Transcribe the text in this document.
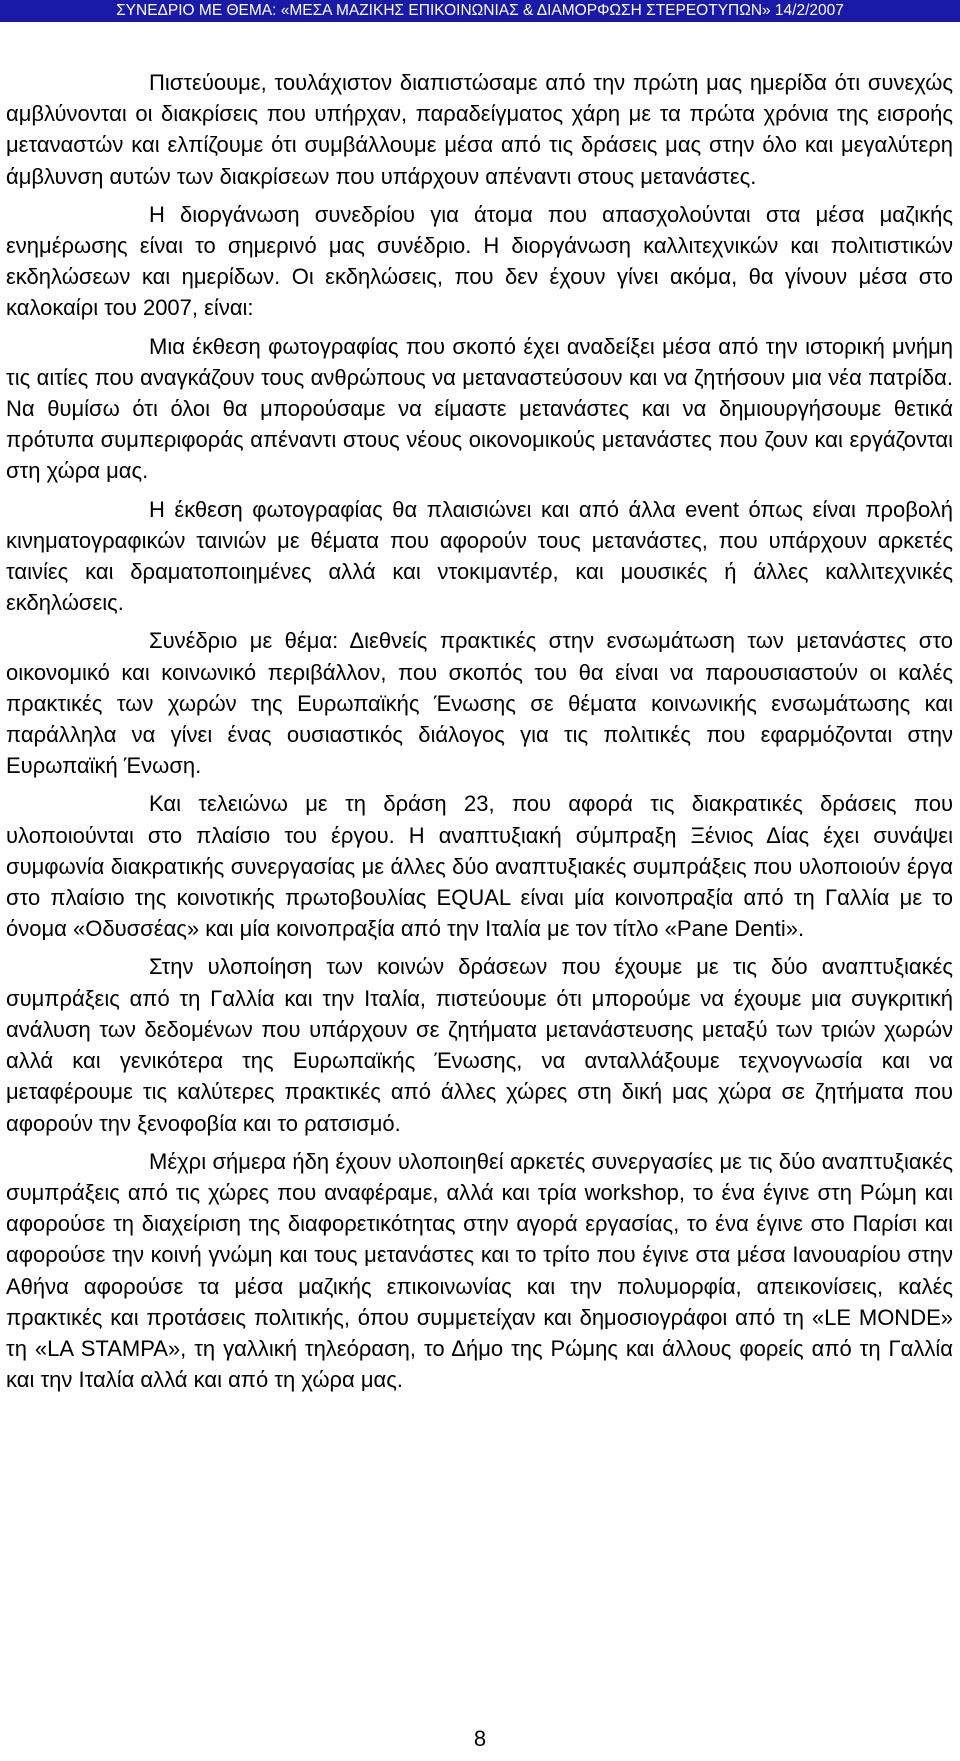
ΣΥΝΕΔΡΙΟ ΜΕ ΘΕΜΑ: «ΜΕΣΑ ΜΑΖΙΚΗΣ ΕΠΙΚΟΙΝΩΝΙΑΣ & ΔΙΑΜΟΡΦΩΣΗ ΣΤΕΡΕΟΤΥΠΩΝ» 14/2/2007

Πιστεύουμε, τουλάχιστον διαπιστώσαμε από την πρώτη μας ημερίδα ότι συνεχώς αμβλύνονται οι διακρίσεις που υπήρχαν, παραδείγματος χάρη με τα πρώτα χρόνια της εισροής μεταναστών και ελπίζουμε ότι συμβάλλουμε μέσα από τις δράσεις μας στην όλο και μεγαλύτερη άμβλυνση αυτών των διακρίσεων που υπάρχουν απέναντι στους μετανάστες.

Η διοργάνωση συνεδρίου για άτομα που απασχολούνται στα μέσα μαζικής ενημέρωσης είναι το σημερινό μας συνέδριο. Η διοργάνωση καλλιτεχνικών και πολιτιστικών εκδηλώσεων και ημερίδων. Οι εκδηλώσεις, που δεν έχουν γίνει ακόμα, θα γίνουν μέσα στο καλοκαίρι του 2007, είναι:

Μια έκθεση φωτογραφίας που σκοπό έχει αναδείξει μέσα από την ιστορική μνήμη τις αιτίες που αναγκάζουν τους ανθρώπους να μεταναστεύσουν και να ζητήσουν μια νέα πατρίδα. Να θυμίσω ότι όλοι θα μπορούσαμε να είμαστε μετανάστες και να δημιουργήσουμε θετικά πρότυπα συμπεριφοράς απέναντι στους νέους οικονομικούς μετανάστες που ζουν και εργάζονται στη χώρα μας.

Η έκθεση φωτογραφίας θα πλαισιώνει και από άλλα event όπως είναι προβολή κινηματογραφικών ταινιών με θέματα που αφορούν τους μετανάστες, που υπάρχουν αρκετές ταινίες και δραματοποιημένες αλλά και ντοκιμαντέρ, και μουσικές ή άλλες καλλιτεχνικές εκδηλώσεις.

Συνέδριο με θέμα: Διεθνείς πρακτικές στην ενσωμάτωση των μετανάστες στο οικονομικό και κοινωνικό περιβάλλον, που σκοπός του θα είναι να παρουσιαστούν οι καλές πρακτικές των χωρών της Ευρωπαϊκής Ένωσης σε θέματα κοινωνικής ενσωμάτωσης και παράλληλα να γίνει ένας ουσιαστικός διάλογος για τις πολιτικές που εφαρμόζονται στην Ευρωπαϊκή Ένωση.

Και τελειώνω με τη δράση 23, που αφορά τις διακρατικές δράσεις που υλοποιούνται στο πλαίσιο του έργου. Η αναπτυξιακή σύμπραξη Ξένιος Δίας έχει συνάψει συμφωνία διακρατικής συνεργασίας με άλλες δύο αναπτυξιακές συμπράξεις που υλοποιούν έργα στο πλαίσιο της κοινοτικής πρωτοβουλίας EQUAL είναι μία κοινοπραξία από τη Γαλλία με το όνομα «Οδυσσέας» και μία κοινοπραξία από την Ιταλία με τον τίτλο «Pane Denti».

Στην υλοποίηση των κοινών δράσεων που έχουμε με τις δύο αναπτυξιακές συμπράξεις από τη Γαλλία και την Ιταλία, πιστεύουμε ότι μπορούμε να έχουμε μια συγκριτική ανάλυση των δεδομένων που υπάρχουν σε ζητήματα μετανάστευσης μεταξύ των τριών χωρών αλλά και γενικότερα της Ευρωπαϊκής Ένωσης, να ανταλλάξουμε τεχνογνωσία και να μεταφέρουμε τις καλύτερες πρακτικές από άλλες χώρες στη δική μας χώρα σε ζητήματα που αφορούν την ξενοφοβία και το ρατσισμό.

Μέχρι σήμερα ήδη έχουν υλοποιηθεί αρκετές συνεργασίες με τις δύο αναπτυξιακές συμπράξεις από τις χώρες που αναφέραμε, αλλά και τρία workshop, το ένα έγινε στη Ρώμη και αφορούσε τη διαχείριση της διαφορετικότητας στην αγορά εργασίας, το ένα έγινε στο Παρίσι και αφορούσε την κοινή γνώμη και τους μετανάστες και το τρίτο που έγινε στα μέσα Ιανουαρίου στην Αθήνα αφορούσε τα μέσα μαζικής επικοινωνίας και την πολυμορφία, απεικονίσεις, καλές πρακτικές και προτάσεις πολιτικής, όπου συμμετείχαν και δημοσιογράφοι από τη «LE MONDE» τη «LA STAMPA», τη γαλλική τηλεόραση, το Δήμο της Ρώμης και άλλους φορείς από τη Γαλλία και την Ιταλία αλλά και από τη χώρα μας.

8
